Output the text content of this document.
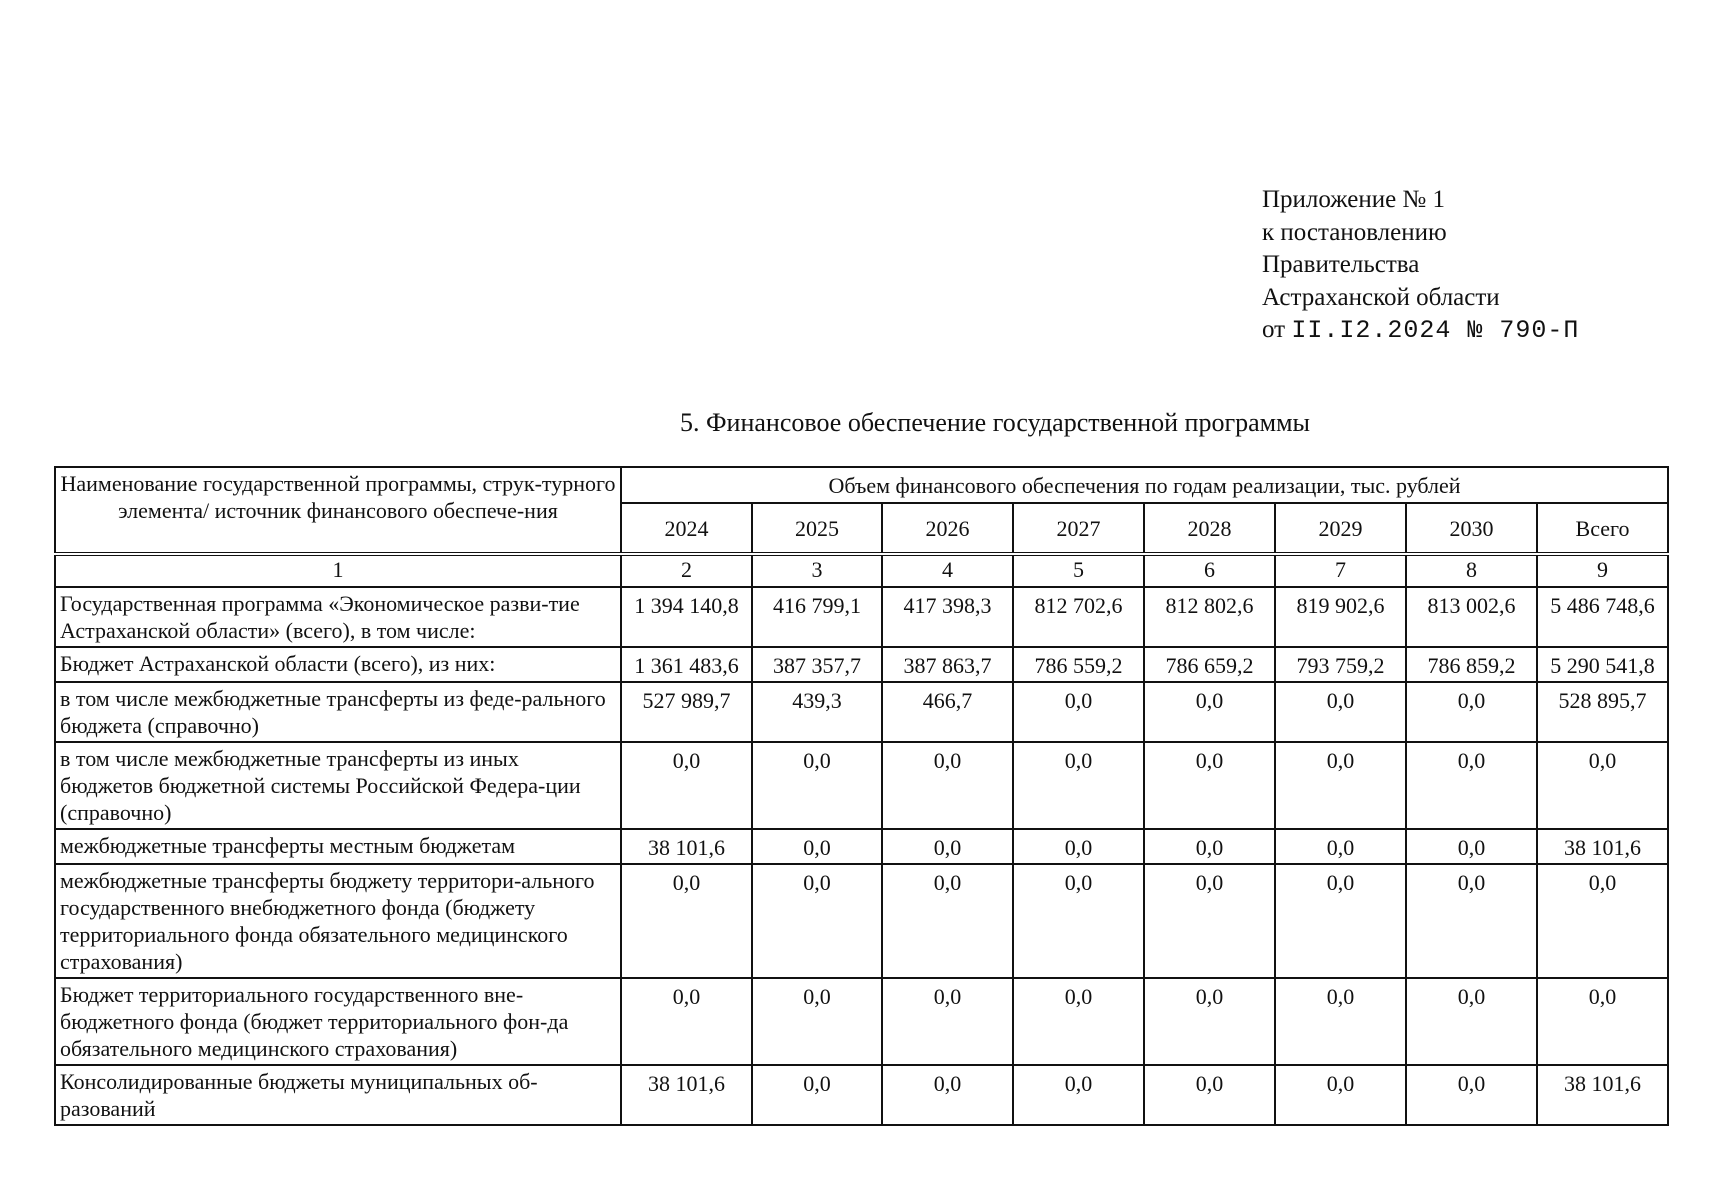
Приложение № 1
к постановлению
Правительства
Астраханской области
от II.I2.2024 № 790-П
5. Финансовое обеспечение государственной программы
Наименование государственной программы, струк-турного элемента/ источник финансового обеспече-ния	Объем финансового обеспечения по годам реализации, тыс. рублей							
	2024	2025	2026	2027	2028	2029	2030	Всего
1	2	3	4	5	6	7	8	9
Государственная программа «Экономическое разви-тие Астраханской области» (всего), в том числе:	1 394 140,8	416 799,1	417 398,3	812 702,6	812 802,6	819 902,6	813 002,6	5 486 748,6
Бюджет Астраханской области (всего), из них:	1 361 483,6	387 357,7	387 863,7	786 559,2	786 659,2	793 759,2	786 859,2	5 290 541,8
в том числе межбюджетные трансферты из феде-рального бюджета (справочно)	527 989,7	439,3	466,7	0,0	0,0	0,0	0,0	528 895,7
в том числе межбюджетные трансферты из иных бюджетов бюджетной системы Российской Федера-ции (справочно)	0,0	0,0	0,0	0,0	0,0	0,0	0,0	0,0
межбюджетные трансферты местным бюджетам	38 101,6	0,0	0,0	0,0	0,0	0,0	0,0	38 101,6
межбюджетные трансферты бюджету территори-ального государственного внебюджетного фонда (бюджету территориального фонда обязательного медицинского страхования)	0,0	0,0	0,0	0,0	0,0	0,0	0,0	0,0
Бюджет территориального государственного вне-бюджетного фонда (бюджет территориального фон-да обязательного медицинского страхования)	0,0	0,0	0,0	0,0	0,0	0,0	0,0	0,0
Консолидированные бюджеты муниципальных об-разований	38 101,6	0,0	0,0	0,0	0,0	0,0	0,0	38 101,6
